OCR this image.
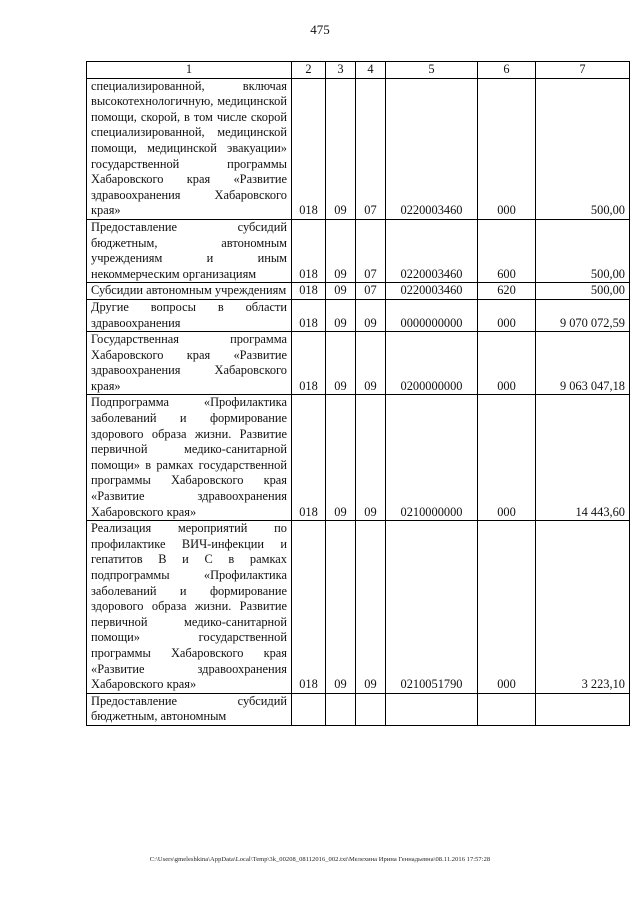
475
1	2	3	4	5	6	7
специализированной, включая высокотехнологичную, медицинской помощи, скорой, в том числе скорой специализированной, медицинской помощи, медицинской эвакуации» государственной программы Хабаровского края «Развитие здравоохранения Хабаровского края»	018	09	07	0220003460	000	500,00
Предоставление субсидий бюджетным, автономным учреждениям и иным некоммерческим организациям	018	09	07	0220003460	600	500,00
Субсидии автономным учреждениям	018	09	07	0220003460	620	500,00
Другие вопросы в области здравоохранения	018	09	09	0000000000	000	9 070 072,59
Государственная программа Хабаровского края «Развитие здравоохранения Хабаровского края»	018	09	09	0200000000	000	9 063 047,18
Подпрограмма «Профилактика заболеваний и формирование здорового образа жизни. Развитие первичной медико-санитарной помощи» в рамках государственной программы Хабаровского края «Развитие здравоохранения Хабаровского края»	018	09	09	0210000000	000	14 443,60
Реализация мероприятий по профилактике ВИЧ-инфекции и гепатитов В и С в рамках подпрограммы «Профилактика заболеваний и формирование здорового образа жизни. Развитие первичной медико-санитарной помощи» государственной программы Хабаровского края «Развитие здравоохранения Хабаровского края»	018	09	09	0210051790	000	3 223,10
Предоставление субсидий бюджетным, автономным						
C:\Users\gmeleshkina\AppData\Local\Temp\3k_00208_08112016_002.txt\Мелехина Ирина Геннадьевна\08.11.2016 17:57:28
